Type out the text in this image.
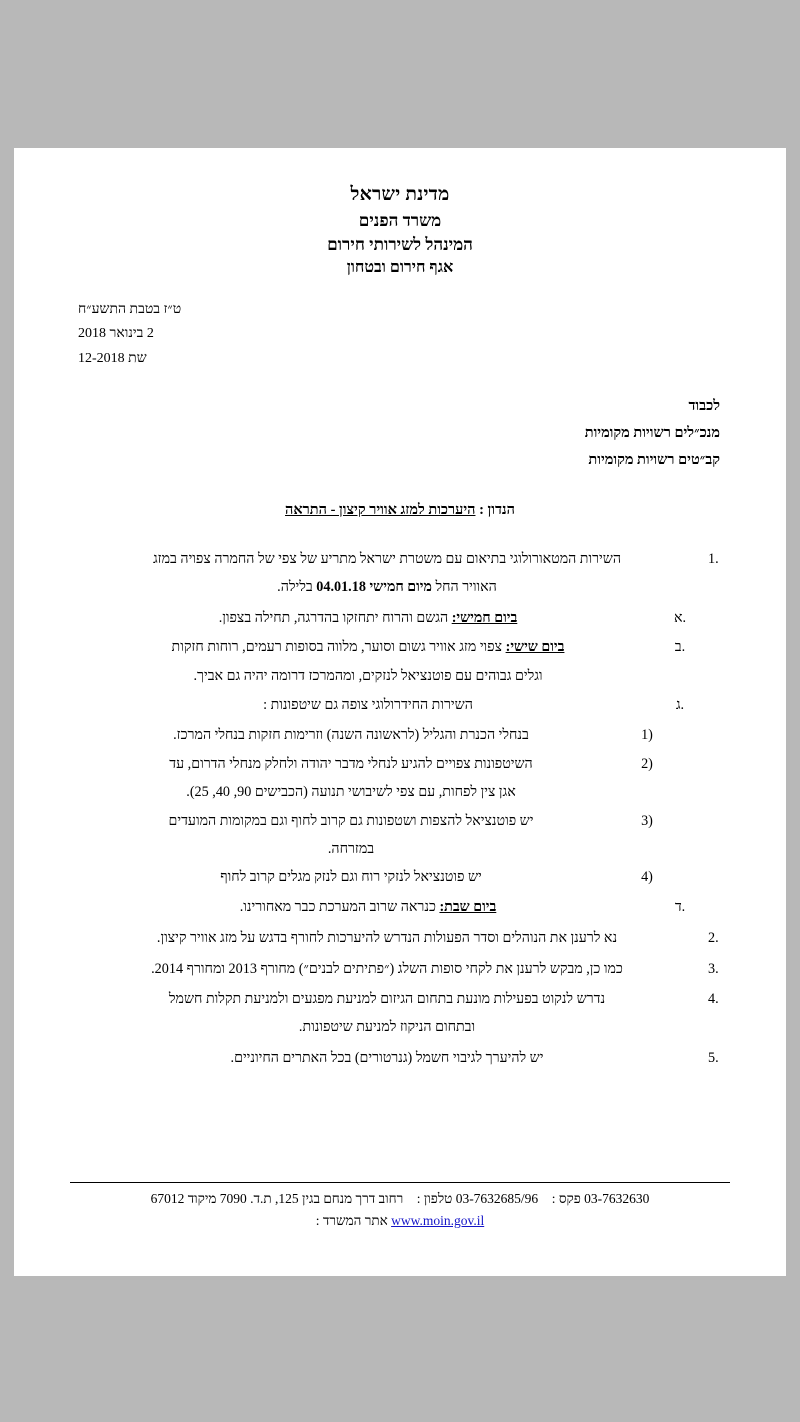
מדינת ישראל
משרד הפנים
המינהל לשירותי חירום
אגף חירום ובטחון
ט״ז בטבת התשע״ח
2 בינואר 2018
שת 12-2018
לכבוד
מנכ״לים רשויות מקומיות
קב״טים רשויות מקומיות
הנדון : היערכות למזג אוויר קיצון - התראה
.1
השירות המטאורולוגי בתיאום עם משטרת ישראל מתריע של צפי של החמרה צפויה במזג
האוויר החל מיום חמישי 04.01.18 בלילה.
.א
ביום חמישי: הגשם והרוח יתחזקו בהדרגה, תחילה בצפון.
.ב
ביום שישי: צפוי מזג אוויר גשום וסוער, מלווה בסופות רעמים, רוחות חזקות
וגלים גבוהים עם פוטנציאל לנזקים, ומהמרכז דרומה יהיה גם אביך.
.ג
השירות החידרולוגי צופה גם שיטפונות :
(1
בנחלי הכנרת והגליל (לראשונה השנה) וזרימות חזקות בנחלי המרכז.
(2
השיטפונות צפויים להגיע לנחלי מדבר יהודה ולחלק מנחלי הדרום, עד
אגן צין לפחות, עם צפי לשיבושי תנועה (הכבישים 90, 40, 25).
(3
יש פוטנציאל להצפות ושטפונות גם קרוב לחוף וגם במקומות המועדים
במזרחה.
(4
יש פוטנציאל לנזקי רוח וגם לנזק מגלים קרוב לחוף
.ד
ביום שבת: כנראה שרוב המערכת כבר מאחורינו.
.2
נא לרענן את הנוהלים וסדר הפעולות הנדרש להיערכות לחורף בדגש על מזג אוויר קיצון.
.3
כמו כן, מבקש לרענן את לקחי סופות השלג (״פתיתים לבנים״) מחורף 2013 ומחורף 2014.
.4
נדרש לנקוט בפעילות מונעת בתחום הגיזום למניעת מפגעים ולמניעת תקלות חשמל
ובתחום הניקוז למניעת שיטפונות.
.5
יש להיערך לגיבוי חשמל (גנרטורים) בכל האתרים החיוניים.
03-7632630 פקס :    03-7632685/96 טלפון :    רחוב דרך מנחם בגין 125, ת.ד. 7090 מיקוד 67012
www.moin.gov.il אתר המשרד :
